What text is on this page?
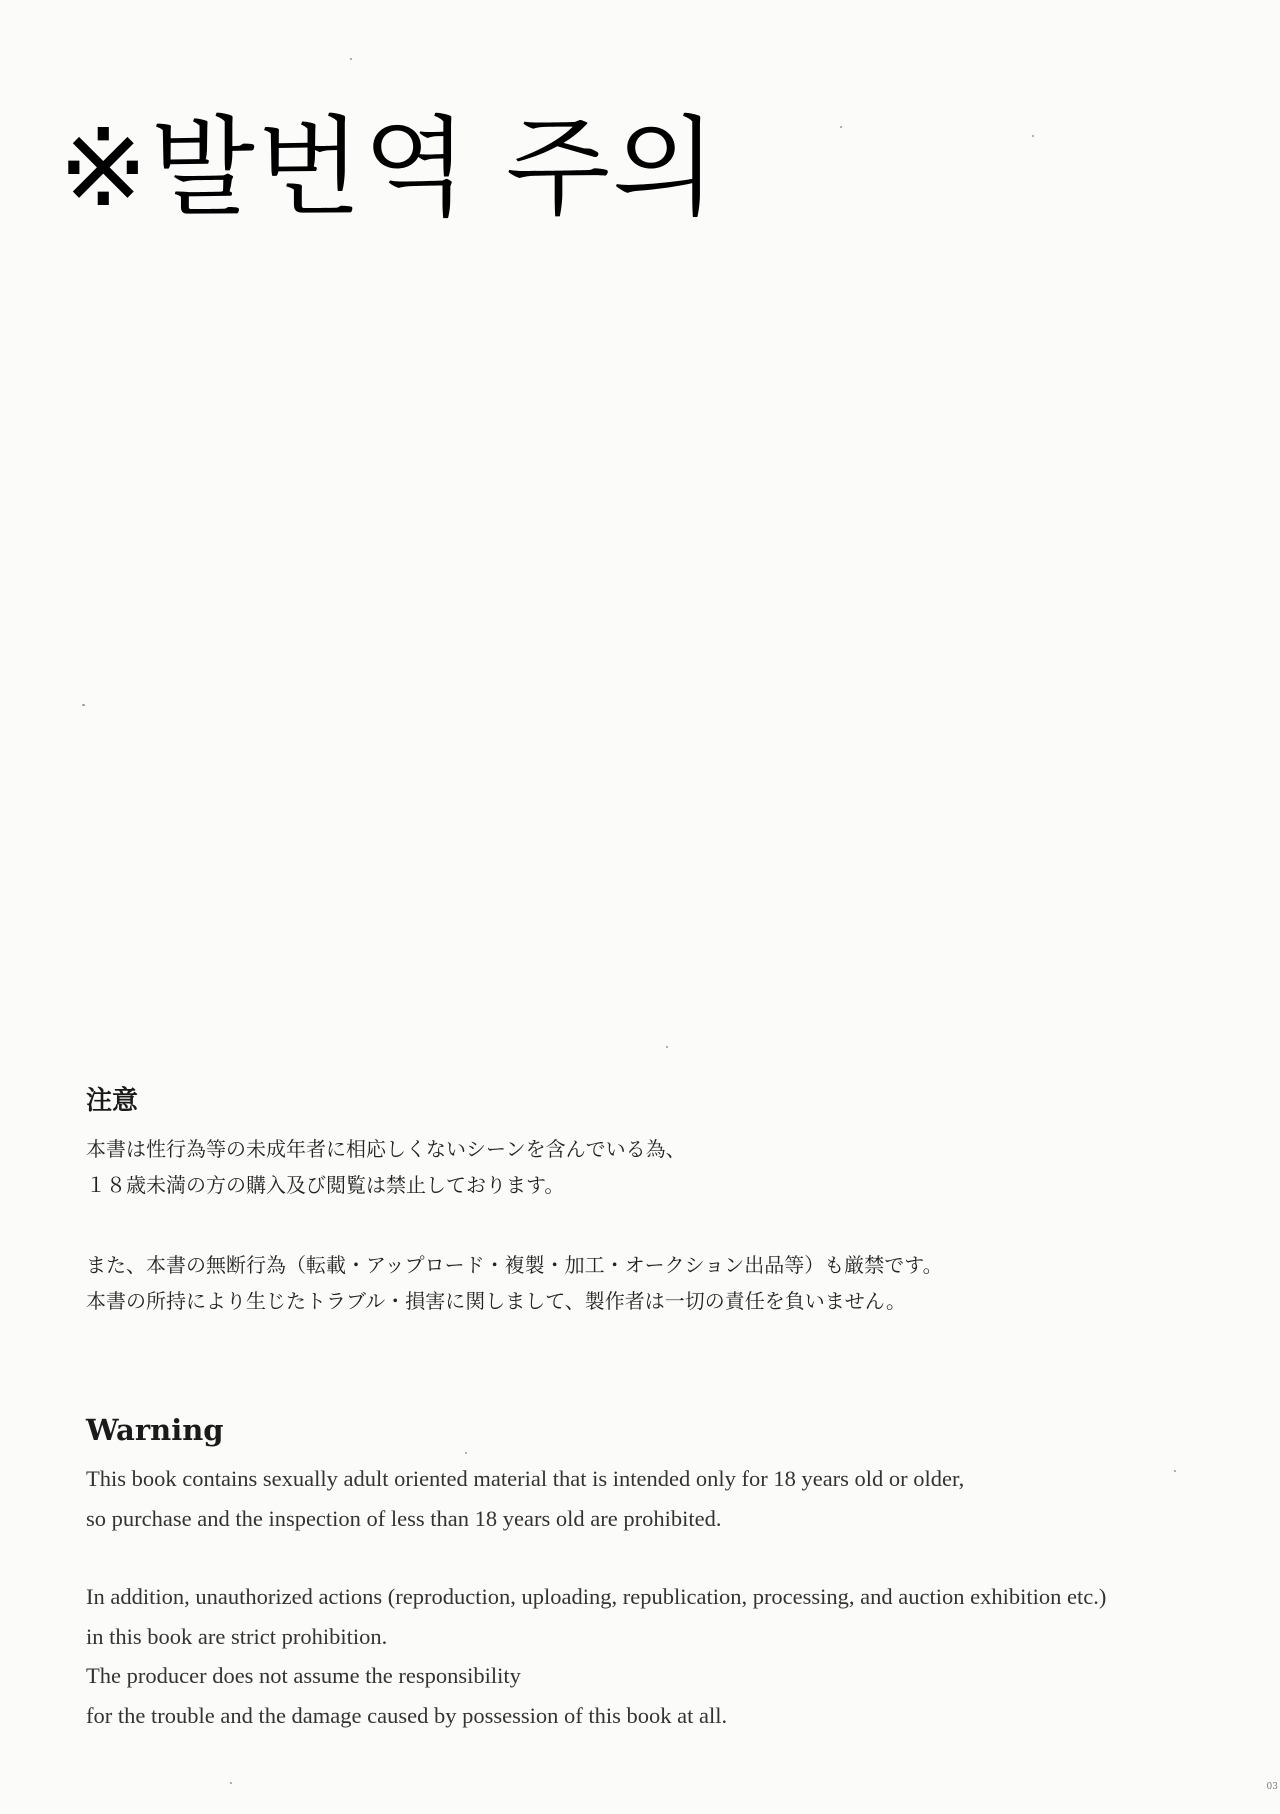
※발번역 주의
注意

本書は性行為等の未成年者に相応しくないシーンを含んでいる為、

１８歳未満の方の購入及び閲覧は禁止しております。

また、本書の無断行為（転載・アップロード・複製・加工・オークション出品等）も厳禁です。

本書の所持により生じたトラブル・損害に関しまして、製作者は一切の責任を負いません。

Warning

This book contains sexually adult oriented material that is intended only for 18 years old or older,

so purchase and the inspection of less than 18 years old are prohibited.

In addition, unauthorized actions (reproduction, uploading, republication, processing, and auction exhibition etc.)

in this book are strict prohibition.

The producer does not assume the responsibility

for the trouble and the damage caused by possession of this book at all.

03
